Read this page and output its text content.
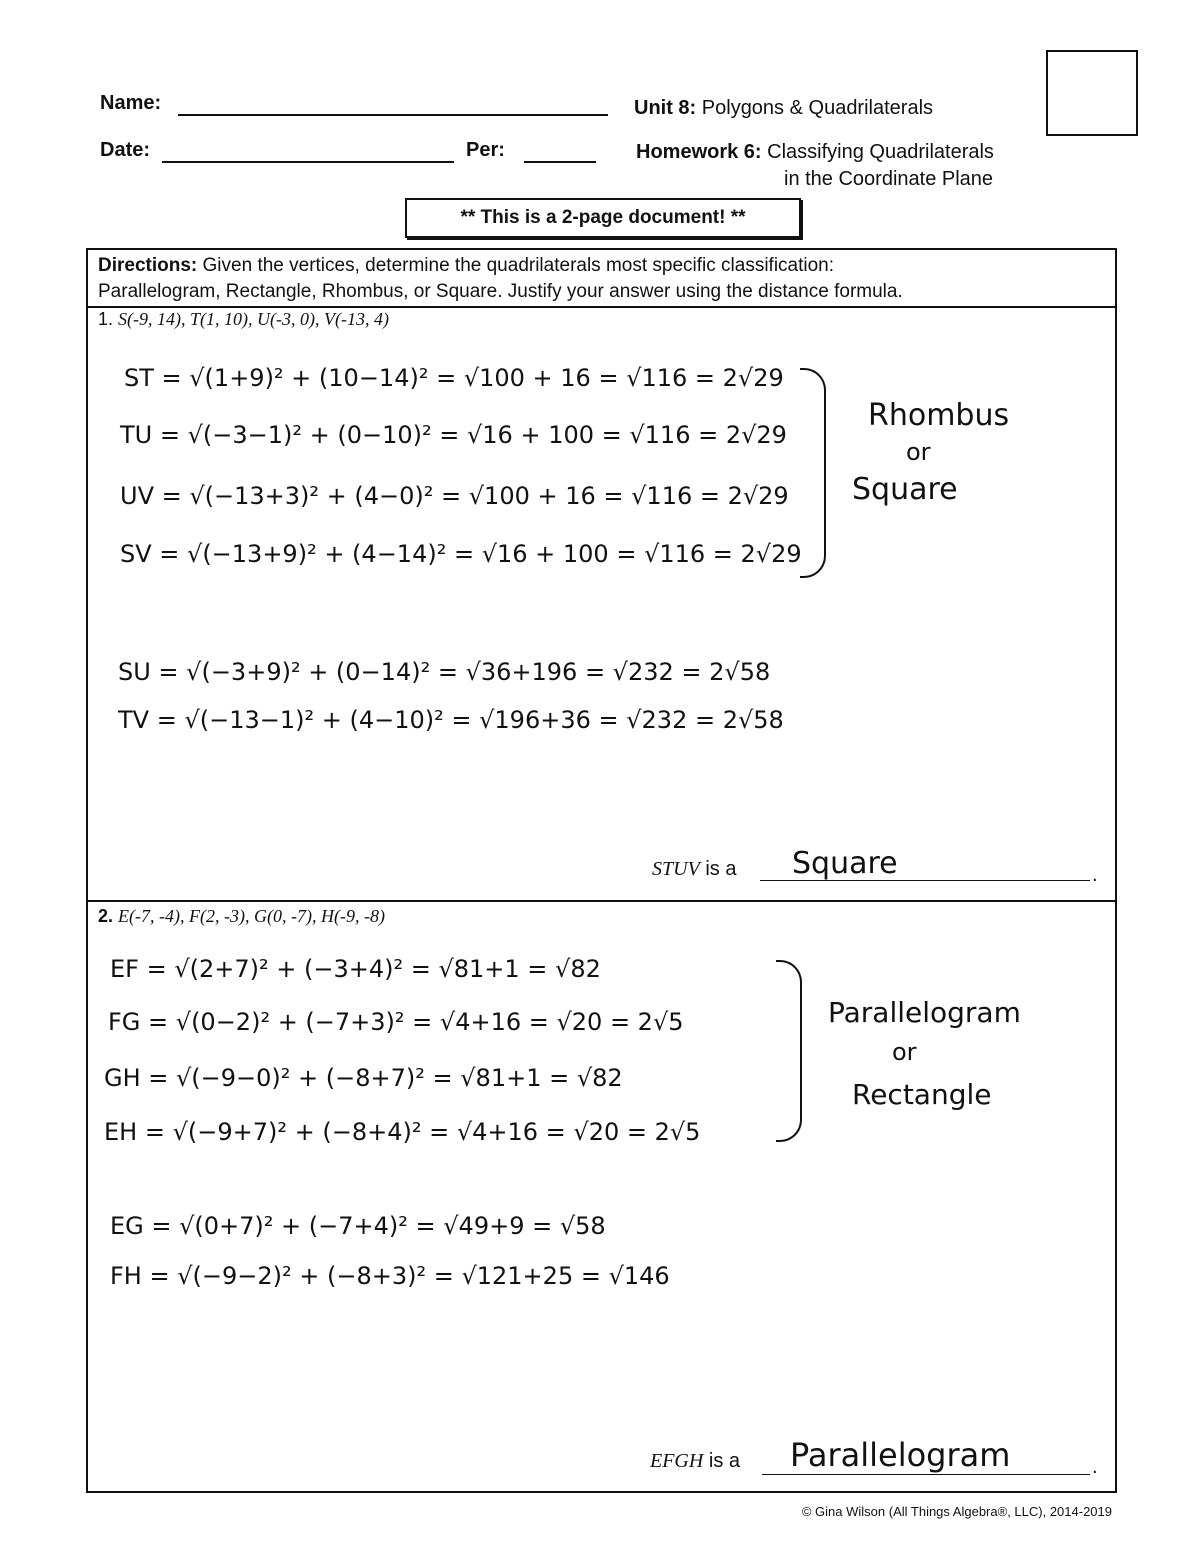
Name:
Date:	Per:
Unit 8: Polygons & Quadrilaterals
Homework 6: Classifying Quadrilaterals
in the Coordinate Plane
** This is a 2-page document! **
Directions: Given the vertices, determine the quadrilaterals most specific classification:
Parallelogram, Rectangle, Rhombus, or Square. Justify your answer using the distance formula.
1. S(-9, 14), T(1, 10), U(-3, 0), V(-13, 4)
ST = √(1+9)² + (10−14)² = √100 + 16 = √116 = 2√29
TU = √(−3−1)² + (0−10)² = √16 + 100 = √116 = 2√29
UV = √(−13+3)² + (4−0)² = √100 + 16 = √116 = 2√29
SV = √(−13+9)² + (4−14)² = √16 + 100 = √116 = 2√29
Rhombus
or
Square
SU = √(−3+9)² + (0−14)² = √36+196 = √232 = 2√58
TV = √(−13−1)² + (4−10)² = √196+36 = √232 = 2√58
STUV is a	.
Square
2. E(-7, -4), F(2, -3), G(0, -7), H(-9, -8)
EF = √(2+7)² + (−3+4)² = √81+1 = √82
FG = √(0−2)² + (−7+3)² = √4+16 = √20 = 2√5
GH = √(−9−0)² + (−8+7)² = √81+1 = √82
EH = √(−9+7)² + (−8+4)² = √4+16 = √20 = 2√5
Parallelogram
or
Rectangle
EG = √(0+7)² + (−7+4)² = √49+9 = √58
FH = √(−9−2)² + (−8+3)² = √121+25 = √146
EFGH is a	.
Parallelogram
© Gina Wilson (All Things Algebra®, LLC), 2014-2019
